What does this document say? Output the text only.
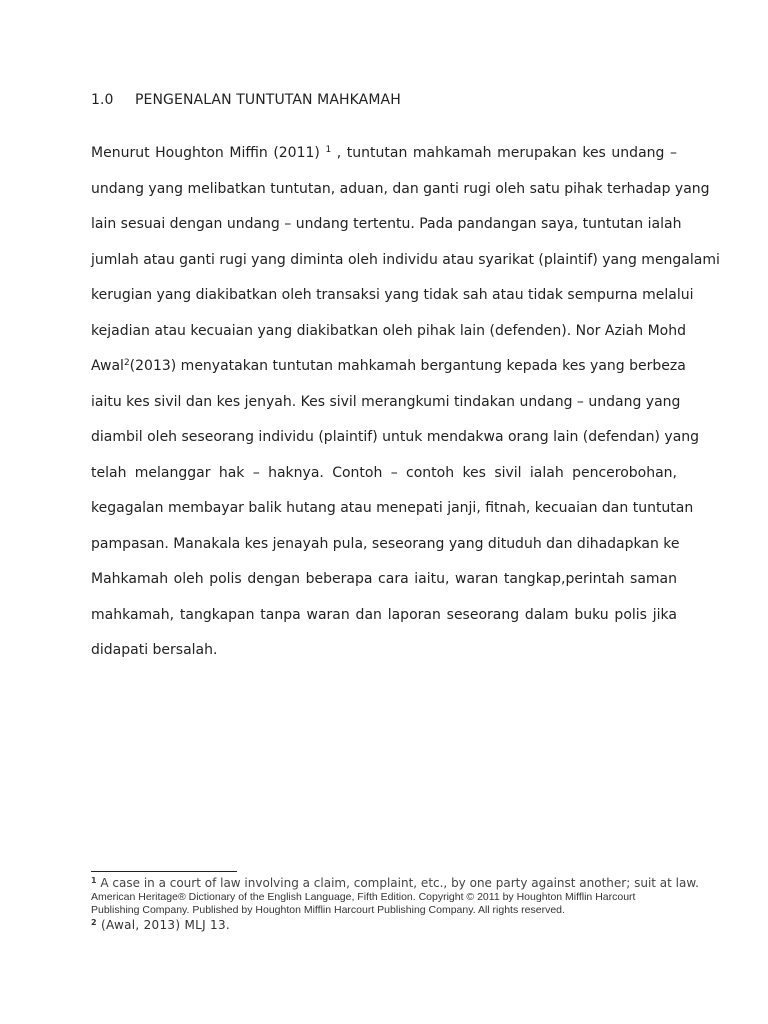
1.0 PENGENALAN TUNTUTAN MAHKAMAH
Menurut Houghton Miffin (2011) $^1$ , tuntutan mahkamah merupakan kes undang –
undang yang melibatkan tuntutan, aduan, dan ganti rugi oleh satu pihak terhadap yang
lain sesuai dengan undang – undang tertentu. Pada pandangan saya, tuntutan ialah
jumlah atau ganti rugi yang diminta oleh individu atau syarikat (plaintif) yang mengalami
kerugian yang diakibatkan oleh transaksi yang tidak sah atau tidak sempurna melalui
kejadian atau kecuaian yang diakibatkan oleh pihak lain (defenden). Nor Aziah Mohd
Awal$^2$(2013) menyatakan tuntutan mahkamah bergantung kepada kes yang berbeza
iaitu kes sivil dan kes jenyah. Kes sivil merangkumi tindakan undang – undang yang
diambil oleh seseorang individu (plaintif) untuk mendakwa orang lain (defendan) yang
telah melanggar hak – haknya. Contoh – contoh kes sivil ialah pencerobohan,
kegagalan membayar balik hutang atau menepati janji, fitnah, kecuaian dan tuntutan
pampasan. Manakala kes jenayah pula, seseorang yang dituduh dan dihadapkan ke
Mahkamah oleh polis dengan beberapa cara iaitu, waran tangkap,perintah saman
mahkamah, tangkapan tanpa waran dan laporan seseorang dalam buku polis jika
didapati bersalah.
$^1$ A case in a court of law involving a claim, complaint, etc., by one party against another; suit at law.
American Heritage® Dictionary of the English Language, Fifth Edition. Copyright © 2011 by Houghton Mifflin Harcourt
Publishing Company. Published by Houghton Mifflin Harcourt Publishing Company. All rights reserved.
$^2$ (Awal, 2013) MLJ 13.
